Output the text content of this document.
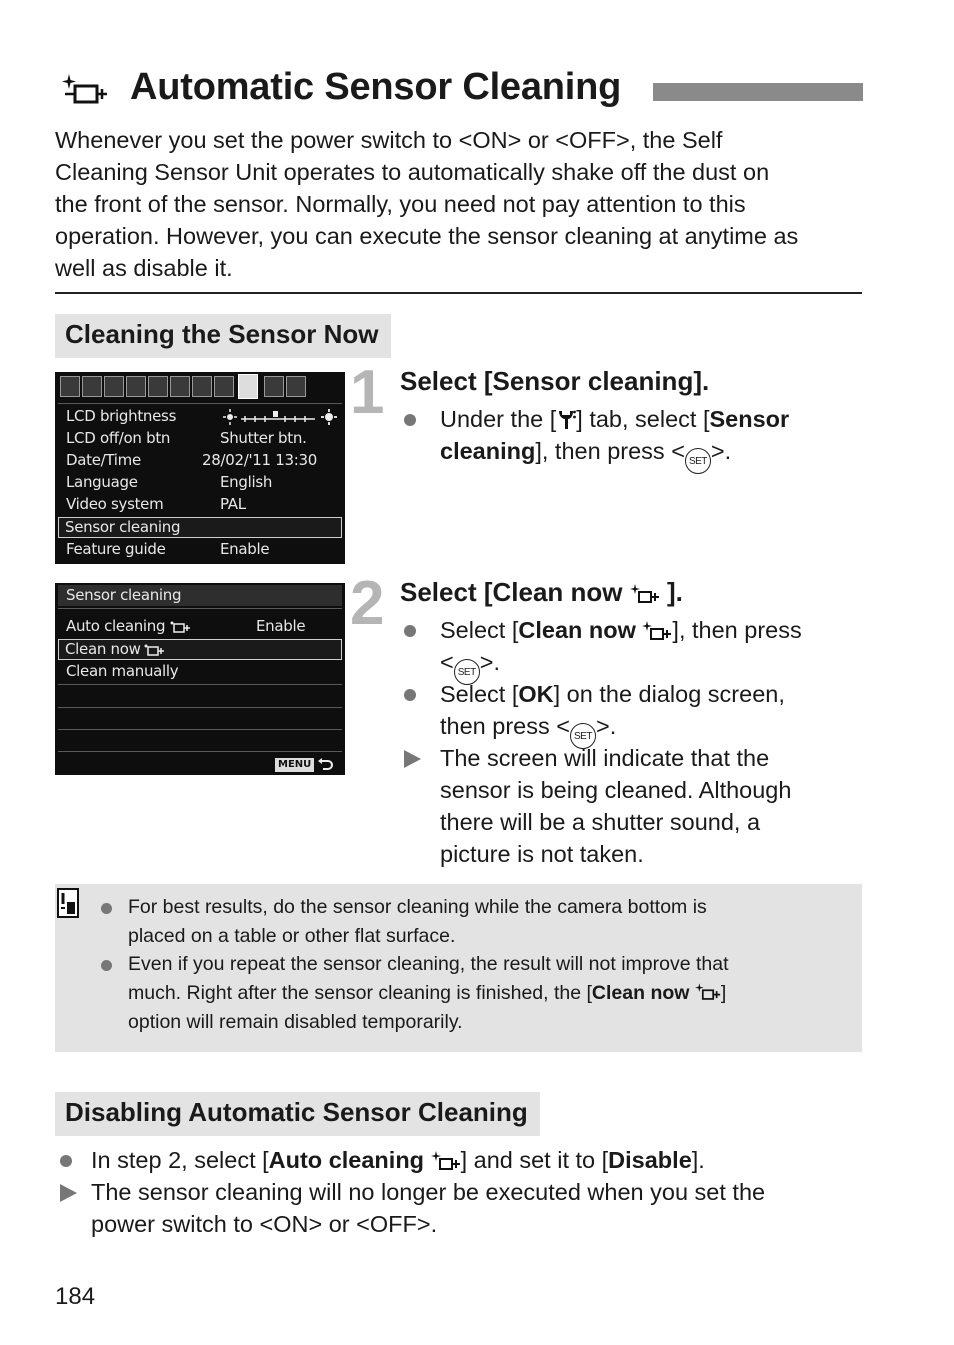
Automatic Sensor Cleaning
Whenever you set the power switch to <ON> or <OFF>, the Self
Cleaning Sensor Unit operates to automatically shake off the dust on
the front of the sensor. Normally, you need not pay attention to this
operation. However, you can execute the sensor cleaning at anytime as
well as disable it.
Cleaning the Sensor Now
LCD brightness
LCD off/on btn	Shutter btn.
Date/Time	28/02/'11 13:30
Language	English
Video system	PAL
Sensor cleaning
Feature guide	Enable
Sensor cleaning
Auto cleaning	Enable
Clean now
Clean manually
MENU
1 Select [Sensor cleaning].
Under the [ ] tab, select [Sensor
cleaning], then press < SET >.
2 Select [Clean now ].
Select [Clean now ], then press
< SET >.
Select [OK] on the dialog screen,
then press < SET >.
The screen will indicate that the
sensor is being cleaned. Although
there will be a shutter sound, a
picture is not taken.
For best results, do the sensor cleaning while the camera bottom is
placed on a table or other flat surface.
Even if you repeat the sensor cleaning, the result will not improve that
much. Right after the sensor cleaning is finished, the [Clean now ]
option will remain disabled temporarily.
Disabling Automatic Sensor Cleaning
In step 2, select [Auto cleaning ] and set it to [Disable].
The sensor cleaning will no longer be executed when you set the
power switch to <ON> or <OFF>.
184
